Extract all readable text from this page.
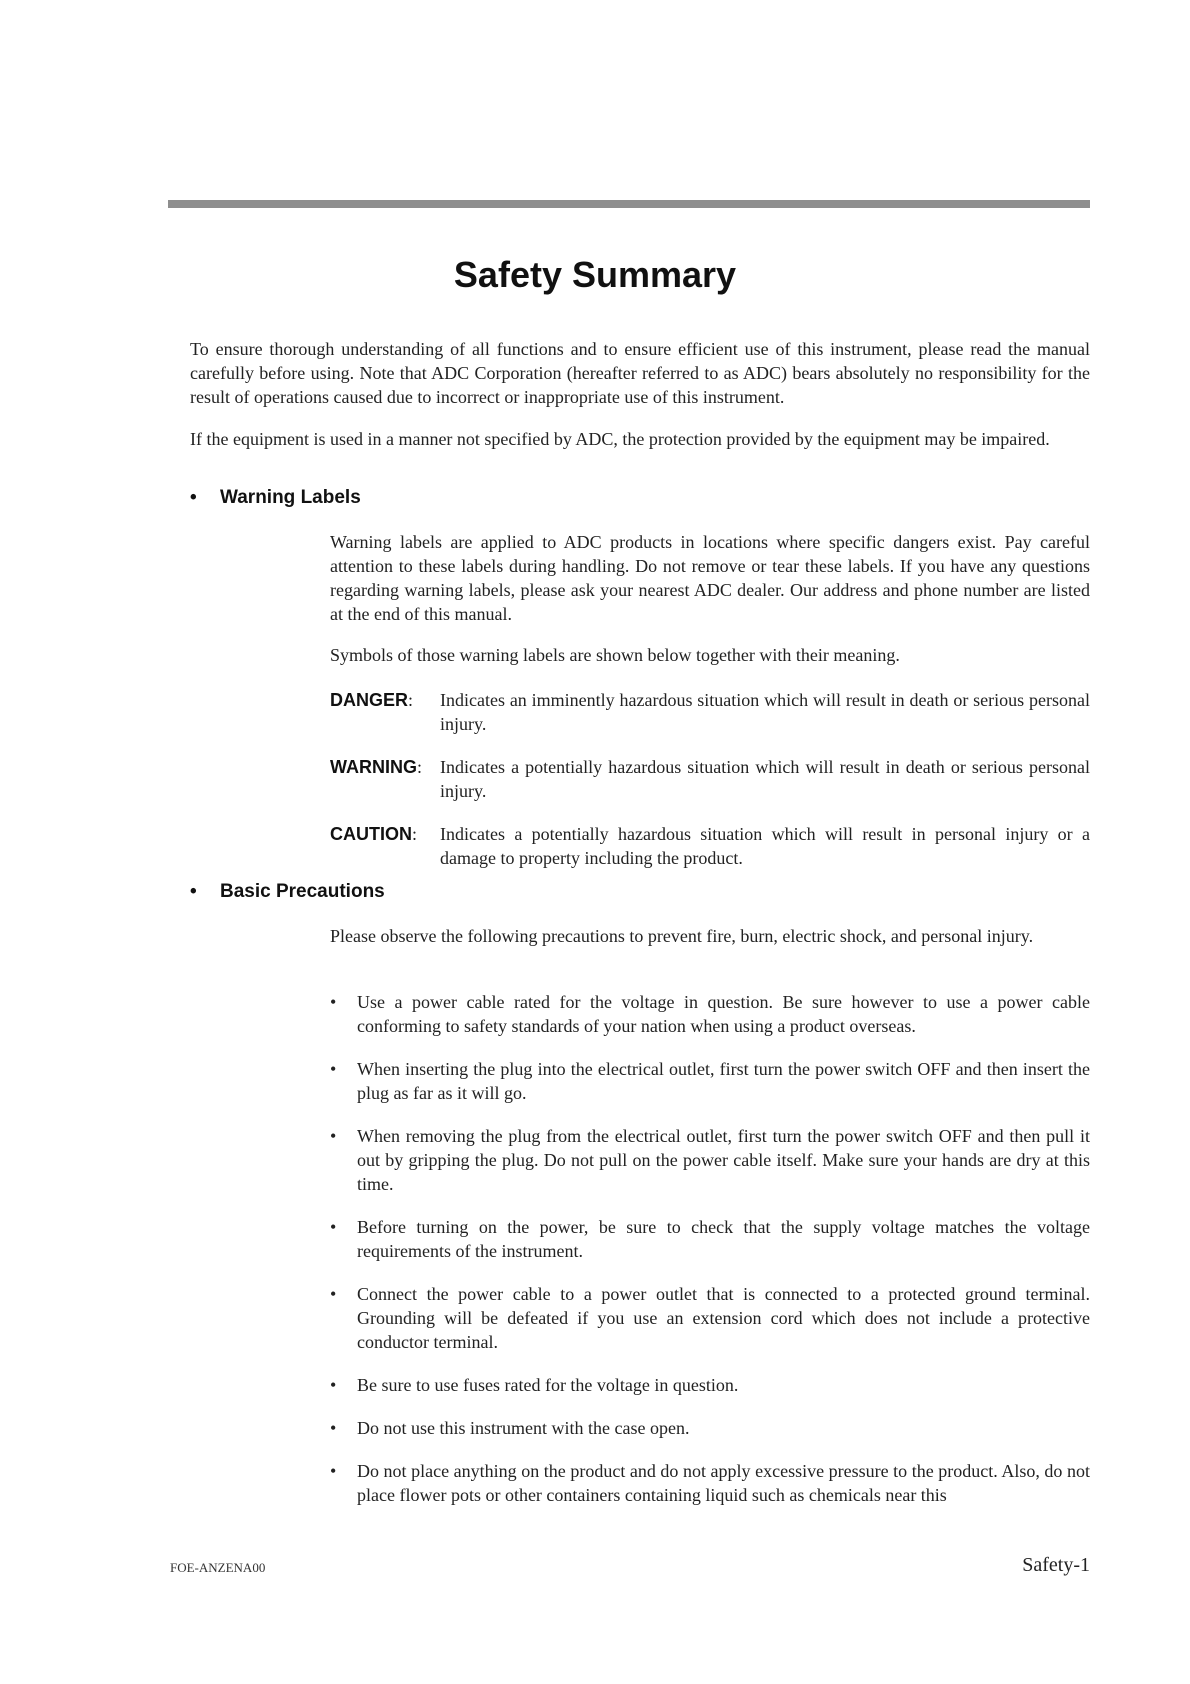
Safety Summary

To ensure thorough understanding of all functions and to ensure efficient use of this instrument, please read the manual carefully before using. Note that ADC Corporation (hereafter referred to as ADC) bears absolutely no responsibility for the result of operations caused due to incorrect or inappropriate use of this instrument.

If the equipment is used in a manner not specified by ADC, the protection provided by the equipment may be impaired.

• Warning Labels

Warning labels are applied to ADC products in locations where specific dangers exist. Pay careful attention to these labels during handling. Do not remove or tear these labels. If you have any questions regarding warning labels, please ask your nearest ADC dealer. Our address and phone number are listed at the end of this manual.

Symbols of those warning labels are shown below together with their meaning.

DANGER:	Indicates an imminently hazardous situation which will result in death or serious personal injury.
WARNING: Indicates a potentially hazardous situation which will result in death or serious personal injury.
CAUTION:	Indicates a potentially hazardous situation which will result in personal injury or a damage to property including the product.
• Basic Precautions

Please observe the following precautions to prevent fire, burn, electric shock, and personal injury.

• Use a power cable rated for the voltage in question. Be sure however to use a power cable conforming to safety standards of your nation when using a product overseas.
• When inserting the plug into the electrical outlet, first turn the power switch OFF and then insert the plug as far as it will go.
• When removing the plug from the electrical outlet, first turn the power switch OFF and then pull it out by gripping the plug. Do not pull on the power cable itself. Make sure your hands are dry at this time.
• Before turning on the power, be sure to check that the supply voltage matches the voltage requirements of the instrument.
• Connect the power cable to a power outlet that is connected to a protected ground terminal. Grounding will be defeated if you use an extension cord which does not include a protective conductor terminal.
• Be sure to use fuses rated for the voltage in question.
• Do not use this instrument with the case open.
• Do not place anything on the product and do not apply excessive pressure to the product. Also, do not place flower pots or other containers containing liquid such as chemicals near this
FOE-ANZENA00	Safety-1
